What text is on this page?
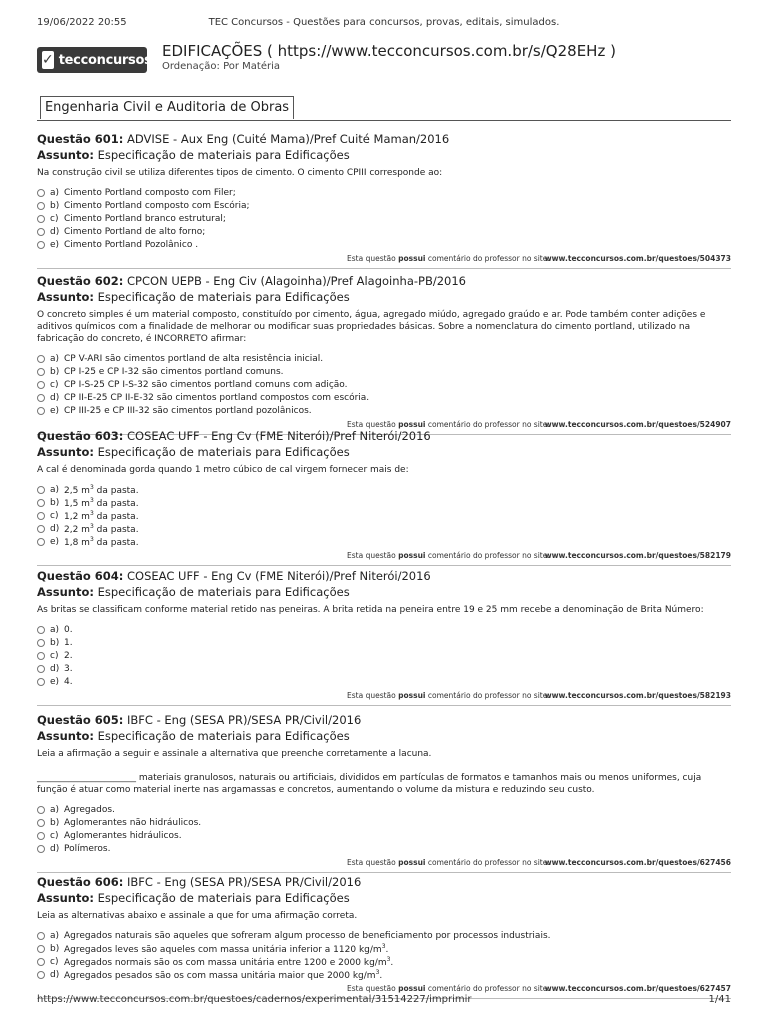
19/06/2022 20:55	TEC Concursos - Questões para concursos, provas, editais, simulados.
✓ tecconcursos EDIFICAÇÕES ( https://www.tecconcursos.com.br/s/Q28EHz )
Ordenação: Por Matéria
Engenharia Civil e Auditoria de Obras
Questão 601: ADVISE - Aux Eng (Cuité Mama)/Pref Cuité Maman/2016
Assunto: Especificação de materiais para Edificações
Na construção civil se utiliza diferentes tipos de cimento. O cimento CPIII corresponde ao:
a) Cimento Portland composto com Filer;
b) Cimento Portland composto com Escória;
c) Cimento Portland branco estrutural;
d) Cimento Portland de alto forno;
e) Cimento Portland Pozolânico .
Esta questão possui comentário do professor no site.
www.tecconcursos.com.br/questoes/504373
Questão 602: CPCON UEPB - Eng Civ (Alagoinha)/Pref Alagoinha-PB/2016
Assunto: Especificação de materiais para Edificações
O concreto simples é um material composto, constituído por cimento, água, agregado miúdo, agregado graúdo e ar. Pode também conter adições e aditivos químicos com a finalidade de melhorar ou modificar suas propriedades básicas. Sobre a nomenclatura do cimento portland, utilizado na fabricação do concreto, é INCORRETO afirmar:
a) CP V-ARI são cimentos portland de alta resistência inicial.
b) CP I-25 e CP I-32 são cimentos portland comuns.
c) CP I-S-25 CP I-S-32 são cimentos portland comuns com adição.
d) CP II-E-25 CP II-E-32 são cimentos portland compostos com escória.
e) CP III-25 e CP III-32 são cimentos portland pozolânicos.
Esta questão possui comentário do professor no site.
www.tecconcursos.com.br/questoes/524907
Questão 603: COSEAC UFF - Eng Cv (FME Niterói)/Pref Niterói/2016
Assunto: Especificação de materiais para Edificações
A cal é denominada gorda quando 1 metro cúbico de cal virgem fornecer mais de:
a) 2,5 $m^3$ da pasta.
b) 1,5 $m^3$ da pasta.
c) 1,2 $m^3$ da pasta.
d) 2,2 $m^3$ da pasta.
e) 1,8 $m^3$ da pasta.
Esta questão possui comentário do professor no site.
www.tecconcursos.com.br/questoes/582179
Questão 604: COSEAC UFF - Eng Cv (FME Niterói)/Pref Niterói/2016
Assunto: Especificação de materiais para Edificações
As britas se classificam conforme material retido nas peneiras. A brita retida na peneira entre 19 e 25 mm recebe a denominação de Brita Número:
a) 0.
b) 1.
c) 2.
d) 3.
e) 4.
Esta questão possui comentário do professor no site.
www.tecconcursos.com.br/questoes/582193
Questão 605: IBFC - Eng (SESA PR)/SESA PR/Civil/2016
Assunto: Especificação de materiais para Edificações
Leia a afirmação a seguir e assinale a alternativa que preenche corretamente a lacuna.
______________________ materiais granulosos, naturais ou artificiais, divididos em partículas de formatos e tamanhos mais ou menos uniformes, cuja função é atuar como material inerte nas argamassas e concretos, aumentando o volume da mistura e reduzindo seu custo.
a) Agregados.
b) Aglomerantes não hidráulicos.
c) Aglomerantes hidráulicos.
d) Polímeros.
Esta questão possui comentário do professor no site.
www.tecconcursos.com.br/questoes/627456
Questão 606: IBFC - Eng (SESA PR)/SESA PR/Civil/2016
Assunto: Especificação de materiais para Edificações
Leia as alternativas abaixo e assinale a que for uma afirmação correta.
a) Agregados naturais são aqueles que sofreram algum processo de beneficiamento por processos industriais.
b) Agregados leves são aqueles com massa unitária inferior a 1120 $kg/m^3$.
c) Agregados normais são os com massa unitária entre 1200 e 2000 $kg/m^3$.
d) Agregados pesados são os com massa unitária maior que 2000 $kg/m^3$.
Esta questão possui comentário do professor no site.
www.tecconcursos.com.br/questoes/627457
https://www.tecconcursos.com.br/questoes/cadernos/experimental/31514227/imprimir	1/41
